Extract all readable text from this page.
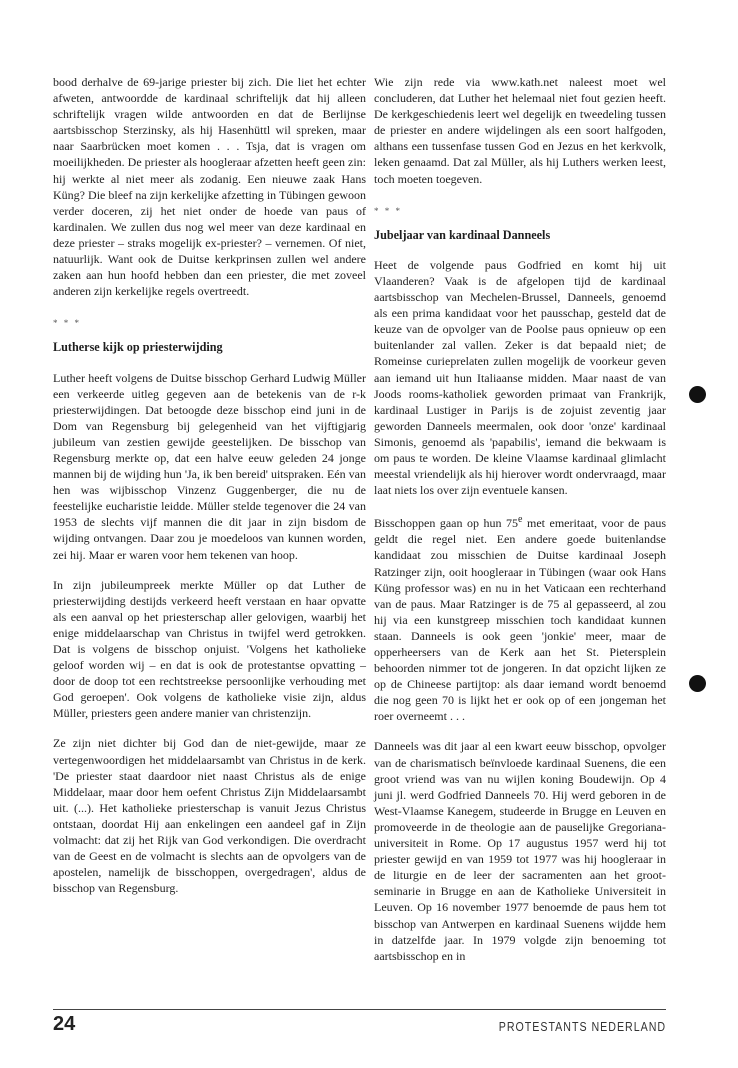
bood derhalve de 69-jarige priester bij zich. Die liet het echter afweten, antwoordde de kardinaal schriftelijk dat hij alleen schriftelijk vragen wilde antwoorden en dat de Berlijnse aartsbisschop Sterzinsky, als hij Hasenhüttl wil spreken, maar naar Saarbrücken moet komen . . . Tsja, dat is vragen om moeilijkheden. De priester als hoogleraar afzetten heeft geen zin: hij werkte al niet meer als zodanig. Een nieuwe zaak Hans Küng? Die bleef na zijn kerkelijke afzetting in Tübingen gewoon verder doceren, zij het niet onder de hoede van paus of kardinalen. We zullen dus nog wel meer van deze kardinaal en deze priester – straks mogelijk ex-priester? – vernemen. Of niet, natuurlijk. Want ook de Duitse kerkprinsen zullen wel andere zaken aan hun hoofd hebben dan een priester, die met zoveel anderen zijn kerkelijke regels overtreedt.

* * *

Lutherse kijk op priesterwijding

Luther heeft volgens de Duitse bisschop Gerhard Ludwig Müller een verkeerde uitleg gegeven aan de betekenis van de r-k priesterwijdingen. Dat betoogde deze bisschop eind juni in de Dom van Regensburg bij gelegenheid van het vijftigjarig jubileum van zestien gewijde geestelijken. De bisschop van Regensburg merkte op, dat een halve eeuw geleden 24 jonge mannen bij de wijding hun 'Ja, ik ben bereid' uitspraken. Eén van hen was wijbisschop Vinzenz Guggenberger, die nu de feestelijke eucharistie leidde. Müller stelde tegenover die 24 van 1953 de slechts vijf mannen die dit jaar in zijn bisdom de wijding ontvangen. Daar zou je moedeloos van kunnen worden, zei hij. Maar er waren voor hem tekenen van hoop.

In zijn jubileumpreek merkte Müller op dat Luther de priesterwijding destijds verkeerd heeft verstaan en haar opvatte als een aanval op het priesterschap aller gelovigen, waarbij het enige middelaarschap van Christus in twijfel werd getrokken. Dat is volgens de bisschop onjuist. 'Volgens het katholieke geloof worden wij – en dat is ook de protestantse opvatting – door de doop tot een rechtstreekse persoonlijke verhouding met God geroepen'. Ook volgens de katholieke visie zijn, aldus Müller, priesters geen andere manier van christenzijn.

Ze zijn niet dichter bij God dan de niet-gewijde, maar ze vertegenwoordigen het middelaarsambt van Christus in de kerk. 'De priester staat daardoor niet naast Christus als de enige Middelaar, maar door hem oefent Christus Zijn Middelaarsambt uit. (...). Het katholieke priesterschap is vanuit Jezus Christus ontstaan, doordat Hij aan enkelingen een aandeel gaf in Zijn volmacht: dat zij het Rijk van God verkondigen. Die overdracht van de Geest en de volmacht is slechts aan de opvolgers van de apostelen, namelijk de bisschoppen, overgedragen', aldus de bisschop van Regensburg.

Wie zijn rede via www.kath.net naleest moet wel concluderen, dat Luther het helemaal niet fout gezien heeft. De kerkgeschiedenis leert wel degelijk en tweedeling tussen de priester en andere wijdelingen als een soort halfgoden, althans een tussenfase tussen God en Jezus en het kerkvolk, leken genaamd. Dat zal Müller, als hij Luthers werken leest, toch moeten toegeven.

* * *

Jubeljaar van kardinaal Danneels

Heet de volgende paus Godfried en komt hij uit Vlaanderen? Vaak is de afgelopen tijd de kardinaal aartsbisschop van Mechelen-Brussel, Danneels, genoemd als een prima kandidaat voor het pausschap, gesteld dat de keuze van de opvolger van de Poolse paus opnieuw op een buitenlander zal vallen. Zeker is dat bepaald niet; de Romeinse curieprelaten zullen mogelijk de voorkeur geven aan iemand uit hun Italiaanse midden. Maar naast de van Joods rooms-katholiek geworden primaat van Frankrijk, kardinaal Lustiger in Parijs is de zojuist zeventig jaar geworden Danneels meermalen, ook door 'onze' kardinaal Simonis, genoemd als 'papabilis', iemand die bekwaam is om paus te worden. De kleine Vlaamse kardinaal glimlacht meestal vriendelijk als hij hierover wordt ondervraagd, maar laat niets los over zijn eventuele kansen.

Bisschoppen gaan op hun 75e met emeritaat, voor de paus geldt die regel niet. Een andere goede buitenlandse kandidaat zou misschien de Duitse kardinaal Joseph Ratzinger zijn, ooit hoogleraar in Tübingen (waar ook Hans Küng professor was) en nu in het Vaticaan een rechterhand van de paus. Maar Ratzinger is de 75 al gepasseerd, al zou hij via een kunstgreep misschien toch kandidaat kunnen staan. Danneels is ook geen 'jonkie' meer, maar de opperheersers van de Kerk aan het St. Pietersplein behoorden nimmer tot de jongeren. In dat opzicht lijken ze op de Chineese partijtop: als daar iemand wordt benoemd die nog geen 70 is lijkt het er ook op of een jongeman het roer overneemt . . .

Danneels was dit jaar al een kwart eeuw bisschop, opvolger van de charismatisch beïnvloede kardinaal Suenens, die een groot vriend was van nu wijlen koning Boudewijn. Op 4 juni jl. werd Godfried Danneels 70. Hij werd geboren in de West-Vlaamse Kanegem, studeerde in Brugge en Leuven en promoveerde in de theologie aan de pauselijke Gregoriana-universiteit in Rome. Op 17 augustus 1957 werd hij tot priester gewijd en van 1959 tot 1977 was hij hoogleraar in de liturgie en de leer der sacramenten aan het groot-seminarie in Brugge en aan de Katholieke Universiteit in Leuven. Op 16 november 1977 benoemde de paus hem tot bisschop van Antwerpen en kardinaal Suenens wijdde hem in datzelfde jaar. In 1979 volgde zijn benoeming tot aartsbisschop en in

24	PROTESTANTS NEDERLAND
